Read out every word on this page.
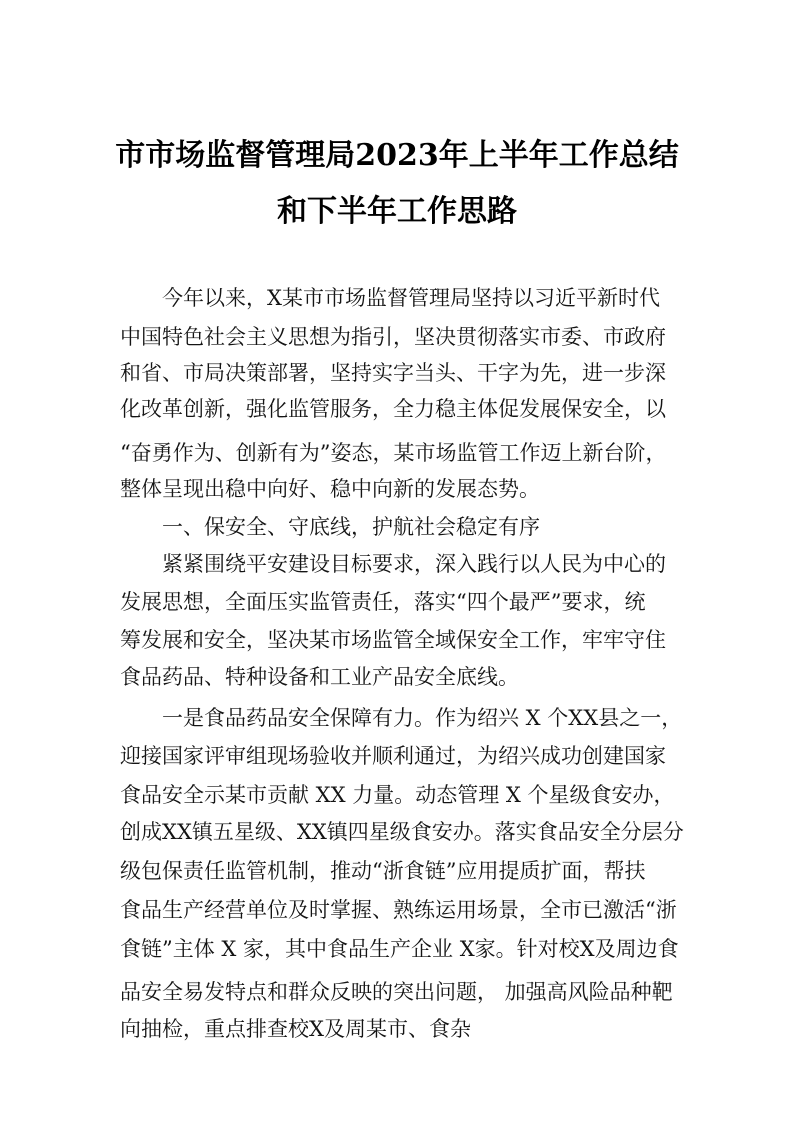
市市场监督管理局2023年上半年工作总结
和下半年工作思路
今年以来，X某市市场监督管理局坚持以习近平新时代
中国特色社会主义思想为指引，坚决贯彻落实市委、市政府
和省、市局决策部署，坚持实字当头、干字为先，进一步深
化改革创新，强化监管服务，全力稳主体促发展保安全，以
“奋勇作为、创新有为”姿态，某市场监管工作迈上新台阶，
整体呈现出稳中向好、稳中向新的发展态势。
一、保安全、守底线，护航社会稳定有序
紧紧围绕平安建设目标要求，深入践行以人民为中心的
发展思想，全面压实监管责任，落实“四个最严”要求，统
筹发展和安全，坚决某市场监管全域保安全工作，牢牢守住
食品药品、特种设备和工业产品安全底线。
一是食品药品安全保障有力。作为绍兴 X 个XX县之一，
迎接国家评审组现场验收并顺利通过，为绍兴成功创建国家
食品安全示某市贡献 XX 力量。动态管理 X 个星级食安办，
创成XX镇五星级、XX镇四星级食安办。落实食品安全分层分
级包保责任监管机制，推动“浙食链”应用提质扩面，帮扶
食品生产经营单位及时掌握、熟练运用场景，全市已激活“浙
食链”主体 X 家，其中食品生产企业 X家。针对校X及周边食
品安全易发特点和群众反映的突出问题， 加强高风险品种靶
向抽检，重点排查校X及周某市、食杂
